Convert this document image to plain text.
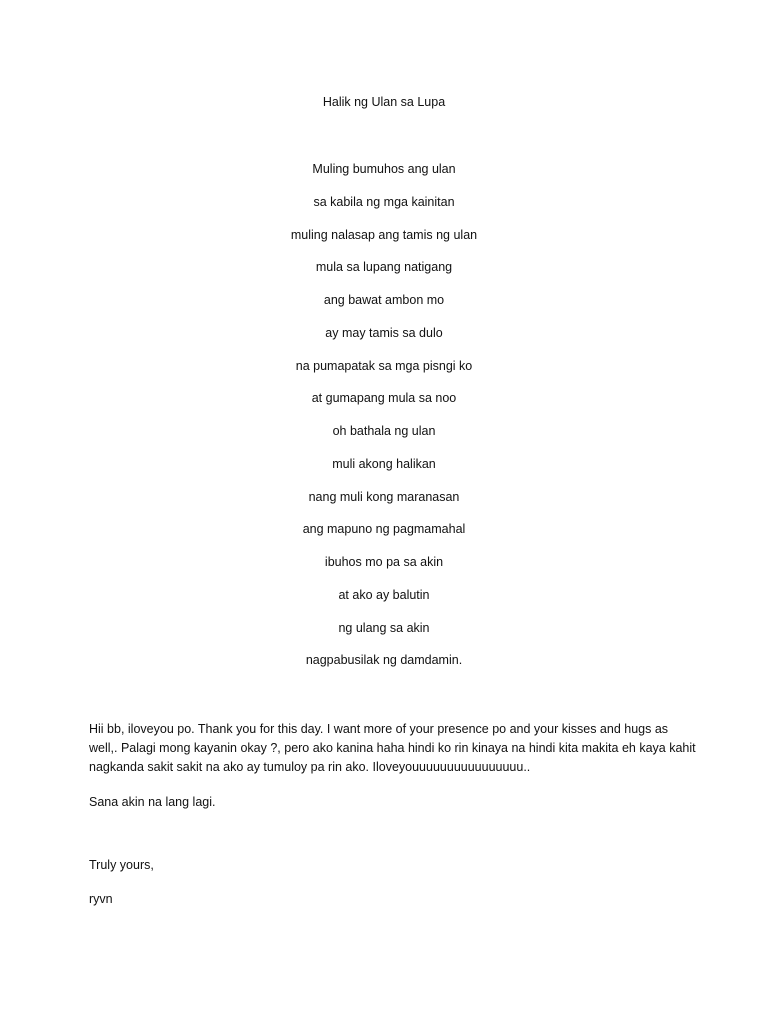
Halik ng Ulan sa Lupa
Muling bumuhos ang ulan
sa kabila ng mga kainitan
muling nalasap ang tamis ng ulan
mula sa lupang natigang
ang bawat ambon mo
ay may tamis sa dulo
na pumapatak sa mga pisngi ko
at gumapang mula sa noo
oh bathala ng ulan
muli akong halikan
nang muli kong maranasan
ang mapuno ng pagmamahal
ibuhos mo pa sa akin
at ako ay balutin
ng ulang sa akin
nagpabusilak ng damdamin.

Hii bb, iloveyou po. Thank you for this day. I want more of your presence po and your kisses and hugs as well,. Palagi mong kayanin okay ?, pero ako kanina haha hindi ko rin kinaya na hindi kita makita eh kaya kahit nagkanda sakit sakit na ako ay tumuloy pa rin ako. Iloveyouuuuuuuuuuuuuuuu..

Sana akin na lang lagi.
Truly yours,
ryvn
